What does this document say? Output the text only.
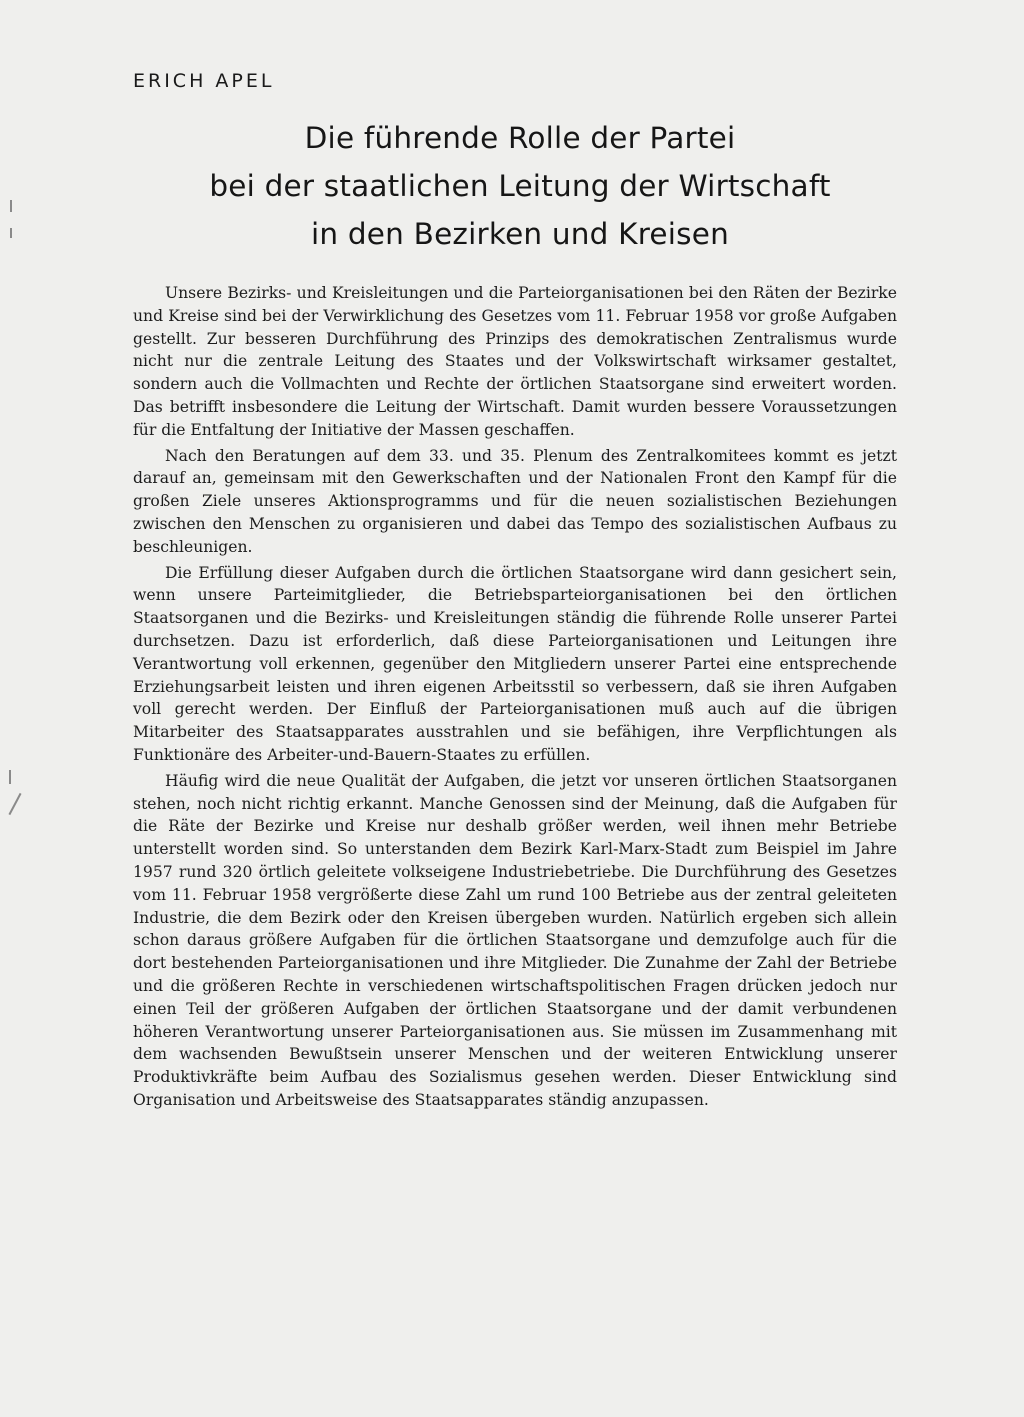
ERICH APEL
Die führende Rolle der Partei
bei der staatlichen Leitung der Wirtschaft
in den Bezirken und Kreisen

Unsere Bezirks- und Kreisleitungen und die Parteiorganisationen bei den Räten der Bezirke und Kreise sind bei der Verwirklichung des Gesetzes vom 11. Februar 1958 vor große Aufgaben gestellt. Zur besseren Durchführung des Prinzips des demokratischen Zentralismus wurde nicht nur die zentrale Leitung des Staates und der Volkswirtschaft wirksamer gestaltet, sondern auch die Vollmachten und Rechte der örtlichen Staatsorgane sind erweitert worden. Das betrifft insbesondere die Leitung der Wirtschaft. Damit wurden bessere Voraussetzungen für die Entfaltung der Initiative der Massen geschaffen.

Nach den Beratungen auf dem 33. und 35. Plenum des Zentralkomitees kommt es jetzt darauf an, gemeinsam mit den Gewerkschaften und der Nationalen Front den Kampf für die großen Ziele unseres Aktionsprogramms und für die neuen sozialistischen Beziehungen zwischen den Menschen zu organisieren und dabei das Tempo des sozialistischen Aufbaus zu beschleunigen.

Die Erfüllung dieser Aufgaben durch die örtlichen Staatsorgane wird dann gesichert sein, wenn unsere Parteimitglieder, die Betriebsparteiorganisationen bei den örtlichen Staatsorganen und die Bezirks- und Kreisleitungen ständig die führende Rolle unserer Partei durchsetzen. Dazu ist erforderlich, daß diese Parteiorganisationen und Leitungen ihre Verantwortung voll erkennen, gegenüber den Mitgliedern unserer Partei eine entsprechende Erziehungsarbeit leisten und ihren eigenen Arbeitsstil so verbessern, daß sie ihren Aufgaben voll gerecht werden. Der Einfluß der Parteiorganisationen muß auch auf die übrigen Mitarbeiter des Staatsapparates ausstrahlen und sie befähigen, ihre Verpflichtungen als Funktionäre des Arbeiter-und-Bauern-Staates zu erfüllen.

Häufig wird die neue Qualität der Aufgaben, die jetzt vor unseren örtlichen Staatsorganen stehen, noch nicht richtig erkannt. Manche Genossen sind der Meinung, daß die Aufgaben für die Räte der Bezirke und Kreise nur deshalb größer werden, weil ihnen mehr Betriebe unterstellt worden sind. So unterstanden dem Bezirk Karl-Marx-Stadt zum Beispiel im Jahre 1957 rund 320 örtlich geleitete volkseigene Industriebetriebe. Die Durchführung des Gesetzes vom 11. Februar 1958 vergrößerte diese Zahl um rund 100 Betriebe aus der zentral geleiteten Industrie, die dem Bezirk oder den Kreisen übergeben wurden. Natürlich ergeben sich allein schon daraus größere Aufgaben für die örtlichen Staatsorgane und demzufolge auch für die dort bestehenden Parteiorganisationen und ihre Mitglieder. Die Zunahme der Zahl der Betriebe und die größeren Rechte in verschiedenen wirtschaftspolitischen Fragen drücken jedoch nur einen Teil der größeren Aufgaben der örtlichen Staatsorgane und der damit verbundenen höheren Verantwortung unserer Parteiorganisationen aus. Sie müssen im Zusammenhang mit dem wachsenden Bewußtsein unserer Menschen und der weiteren Entwicklung unserer Produktivkräfte beim Aufbau des Sozialismus gesehen werden. Dieser Entwicklung sind Organisation und Arbeitsweise des Staatsapparates ständig anzupassen.
